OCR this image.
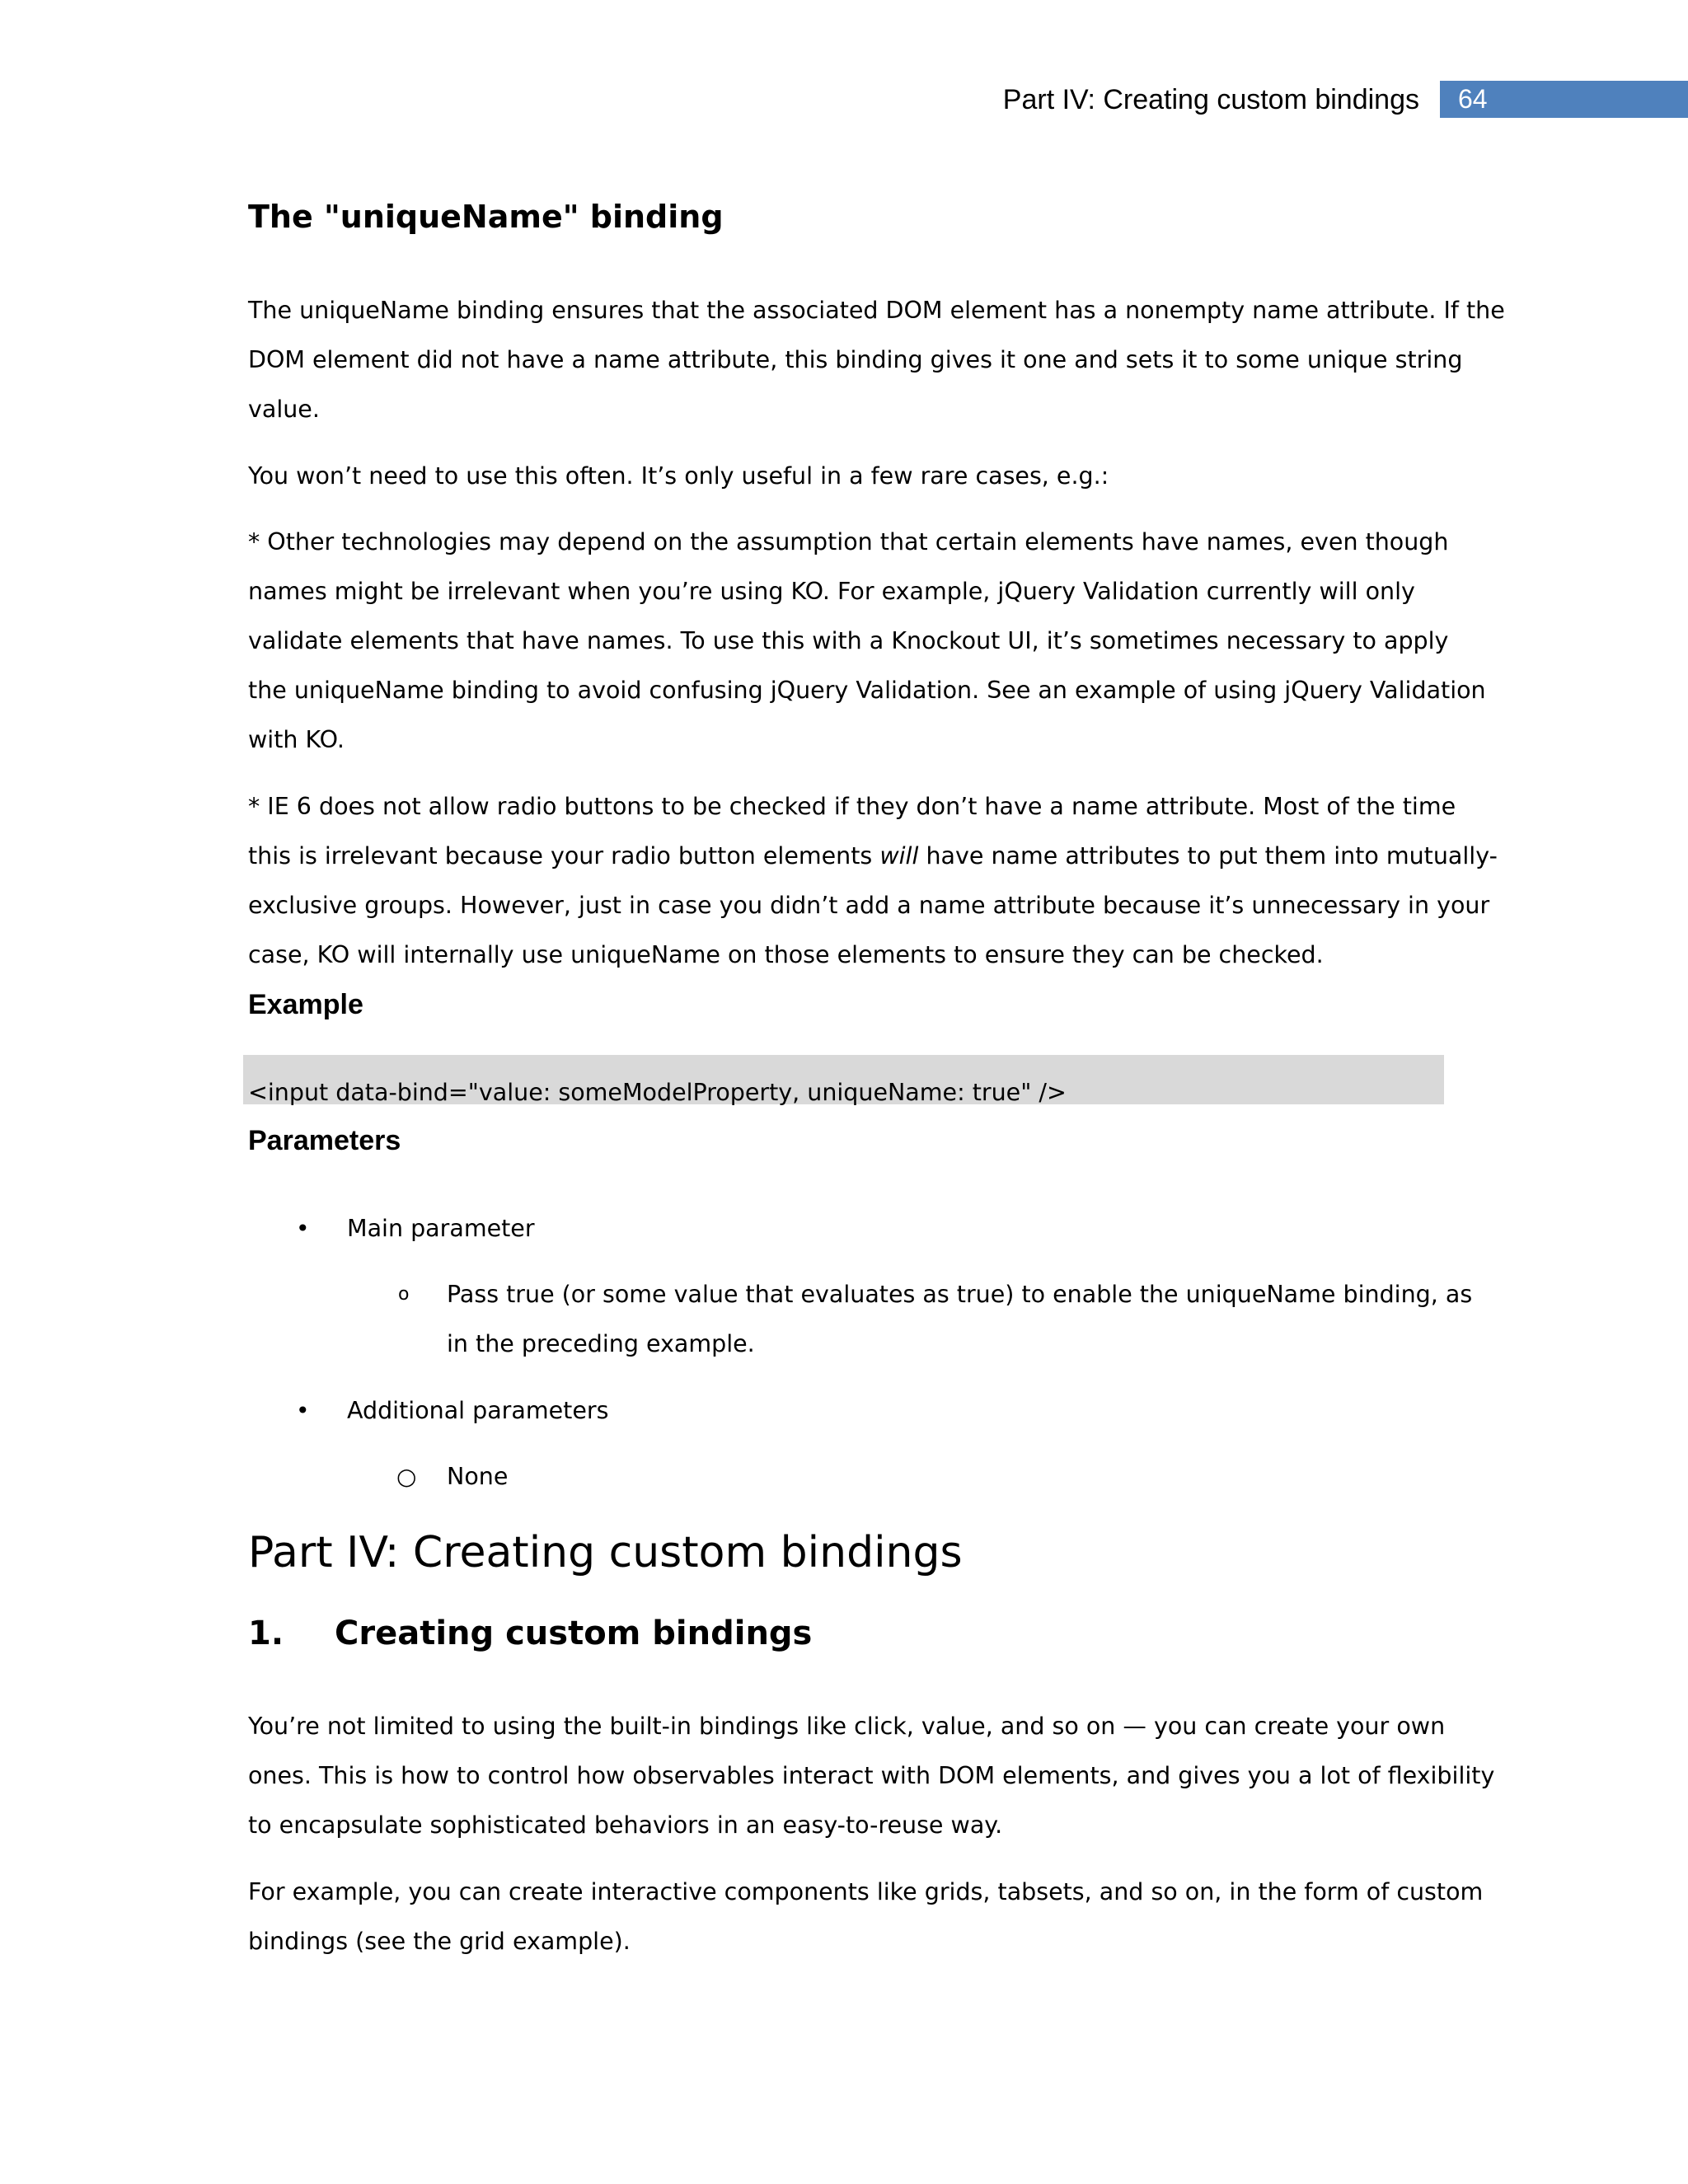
Part IV: Creating custom bindings	64
The "uniqueName" binding
The uniqueName binding ensures that the associated DOM element has a nonempty name attribute. If the
DOM element did not have a name attribute, this binding gives it one and sets it to some unique string
value.
You won’t need to use this often. It’s only useful in a few rare cases, e.g.:
* Other technologies may depend on the assumption that certain elements have names, even though
names might be irrelevant when you’re using KO. For example, jQuery Validation currently will only
validate elements that have names. To use this with a Knockout UI, it’s sometimes necessary to apply
the uniqueName binding to avoid confusing jQuery Validation. See an example of using jQuery Validation
with KO.
* IE 6 does not allow radio buttons to be checked if they don’t have a name attribute. Most of the time
this is irrelevant because your radio button elements will have name attributes to put them into mutually-
exclusive groups. However, just in case you didn’t add a name attribute because it’s unnecessary in your
case, KO will internally use uniqueName on those elements to ensure they can be checked.
Example
<input data-bind="value: someModelProperty, uniqueName: true" />
Parameters
• Main parameter
o Pass true (or some value that evaluates as true) to enable the uniqueName binding, as
in the preceding example.
• Additional parameters
○ None
Part IV: Creating custom bindings
1. Creating custom bindings
You’re not limited to using the built-in bindings like click, value, and so on — you can create your own
ones. This is how to control how observables interact with DOM elements, and gives you a lot of flexibility
to encapsulate sophisticated behaviors in an easy-to-reuse way.
For example, you can create interactive components like grids, tabsets, and so on, in the form of custom
bindings (see the grid example).
